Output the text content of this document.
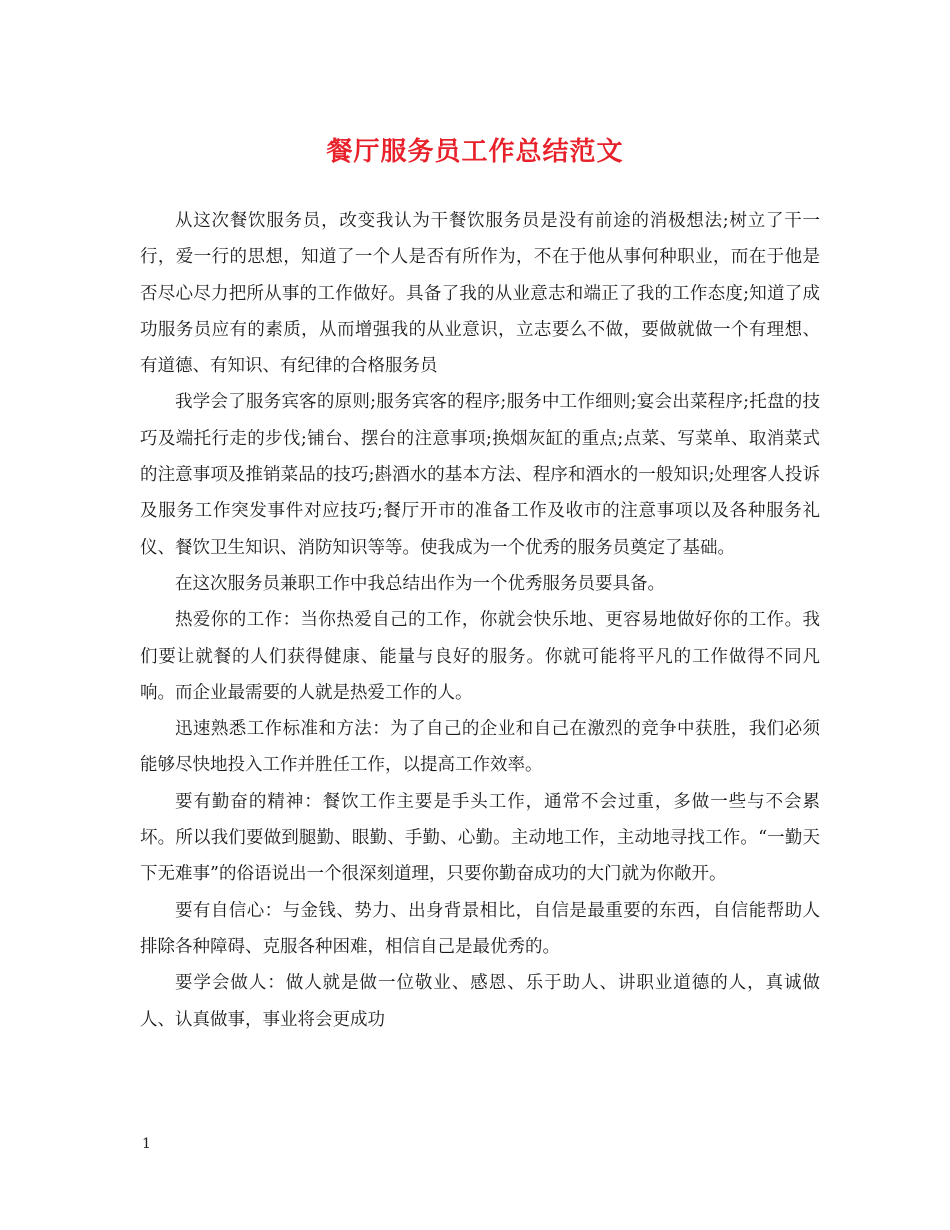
餐厅服务员工作总结范文

从这次餐饮服务员，改变我认为干餐饮服务员是没有前途的消极想法;树立了干一行，爱一行的思想，知道了一个人是否有所作为，不在于他从事何种职业，而在于他是否尽心尽力把所从事的工作做好。具备了我的从业意志和端正了我的工作态度;知道了成功服务员应有的素质，从而增强我的从业意识，立志要么不做，要做就做一个有理想、有道德、有知识、有纪律的合格服务员

我学会了服务宾客的原则;服务宾客的程序;服务中工作细则;宴会出菜程序;托盘的技巧及端托行走的步伐;铺台、摆台的注意事项;换烟灰缸的重点;点菜、写菜单、取消菜式的注意事项及推销菜品的技巧;斟酒水的基本方法、程序和酒水的一般知识;处理客人投诉及服务工作突发事件对应技巧;餐厅开市的准备工作及收市的注意事项以及各种服务礼仪、餐饮卫生知识、消防知识等等。使我成为一个优秀的服务员奠定了基础。

在这次服务员兼职工作中我总结出作为一个优秀服务员要具备。

热爱你的工作：当你热爱自己的工作，你就会快乐地、更容易地做好你的工作。我们要让就餐的人们获得健康、能量与良好的服务。你就可能将平凡的工作做得不同凡响。而企业最需要的人就是热爱工作的人。

迅速熟悉工作标准和方法：为了自己的企业和自己在激烈的竞争中获胜，我们必须能够尽快地投入工作并胜任工作，以提高工作效率。

要有勤奋的精神：餐饮工作主要是手头工作，通常不会过重，多做一些与不会累坏。所以我们要做到腿勤、眼勤、手勤、心勤。主动地工作，主动地寻找工作。“一勤天下无难事”的俗语说出一个很深刻道理，只要你勤奋成功的大门就为你敞开。

要有自信心：与金钱、势力、出身背景相比，自信是最重要的东西，自信能帮助人排除各种障碍、克服各种困难，相信自己是最优秀的。

要学会做人：做人就是做一位敬业、感恩、乐于助人、讲职业道德的人，真诚做人、认真做事，事业将会更成功

1
